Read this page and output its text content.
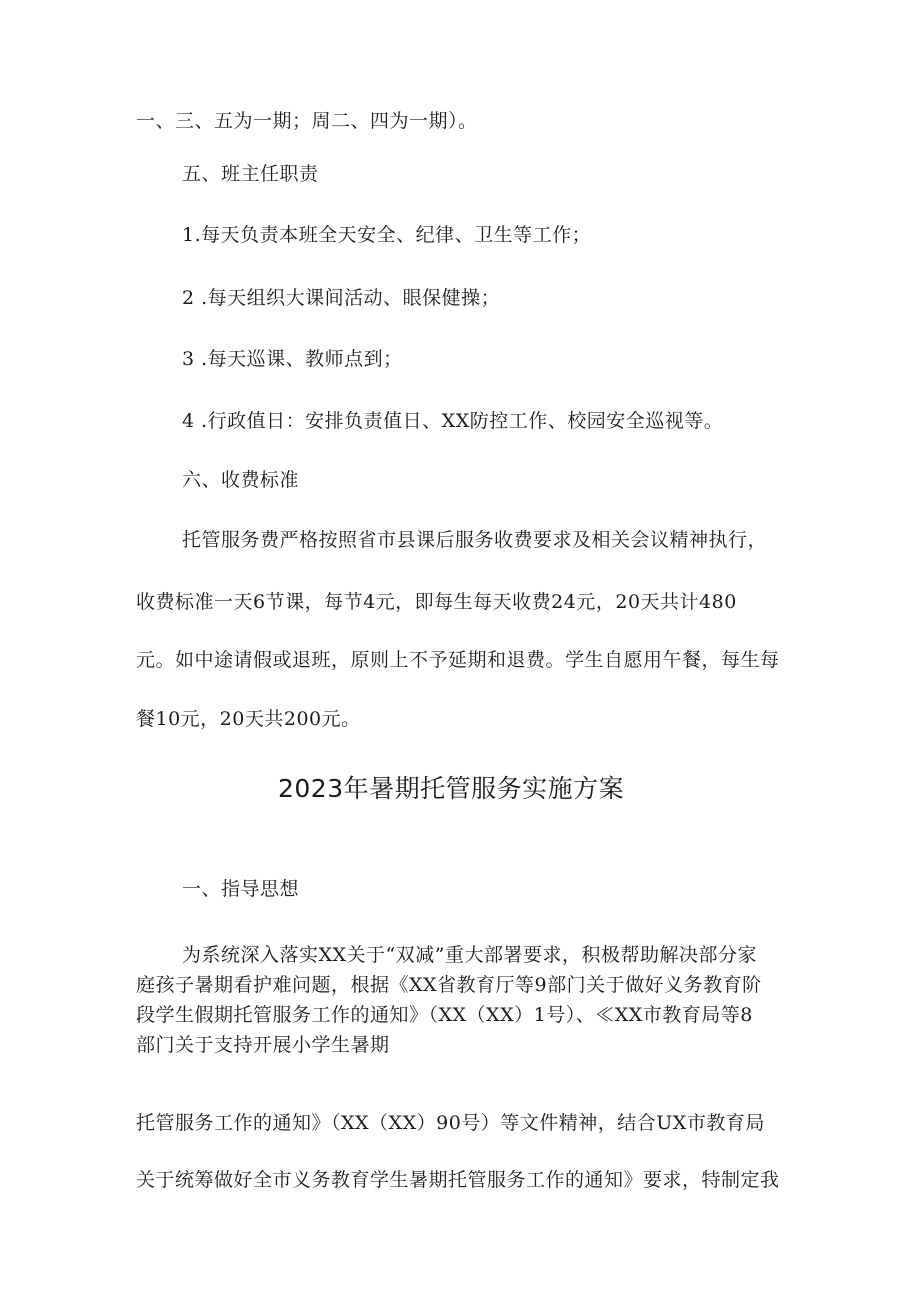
一、三、五为一期；周二、四为一期）。
五、班主任职责
1.每天负责本班全天安全、纪律、卫生等工作；
2 .每天组织大课间活动、眼保健操；
3 .每天巡课、教师点到；
4 .行政值日：安排负责值日、XX防控工作、校园安全巡视等。
六、收费标准
托管服务费严格按照省市县课后服务收费要求及相关会议精神执行，
收费标准一天6节课，每节4元，即每生每天收费24元，20天共计480
元。如中途请假或退班，原则上不予延期和退费。学生自愿用午餐，每生每
餐10元，20天共200元。
2023年暑期托管服务实施方案
一、指导思想
为系统深入落实XX关于“双减”重大部署要求，积极帮助解决部分家
庭孩子暑期看护难问题，根据《XX省教育厅等9部门关于做好义务教育阶
段学生假期托管服务工作的通知》（XX（XX）1号）、≪XX市教育局等8
部门关于支持开展小学生暑期
托管服务工作的通知》（XX（XX）90号）等文件精神，结合UX市教育局
关于统筹做好全市义务教育学生暑期托管服务工作的通知》要求，特制定我
